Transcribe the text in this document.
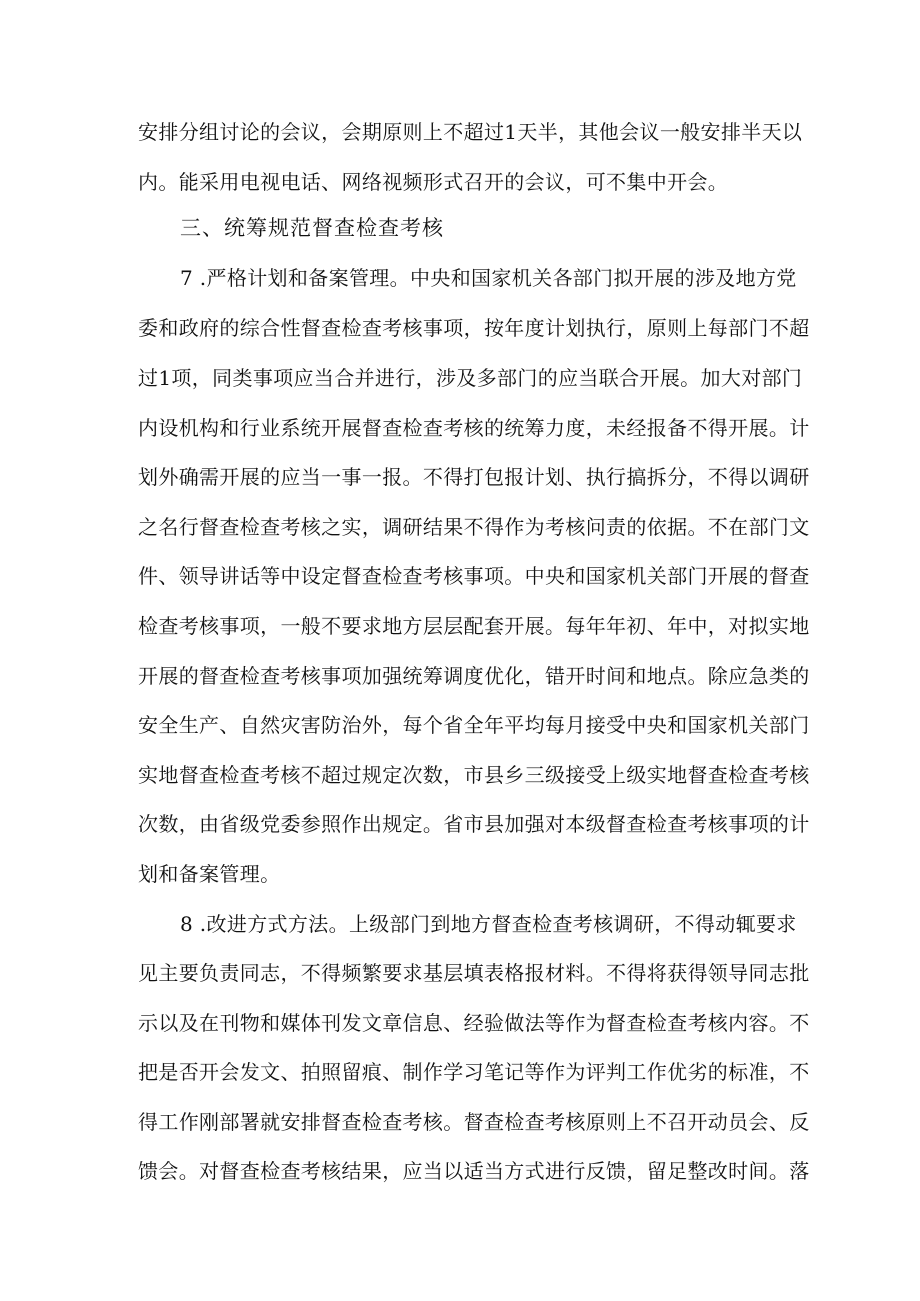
安排分组讨论的会议，会期原则上不超过1天半，其他会议一般安排半天以
内。能采用电视电话、网络视频形式召开的会议，可不集中开会。
三、统筹规范督查检查考核
7 .严格计划和备案管理。中央和国家机关各部门拟开展的涉及地方党
委和政府的综合性督查检查考核事项，按年度计划执行，原则上每部门不超
过1项，同类事项应当合并进行，涉及多部门的应当联合开展。加大对部门
内设机构和行业系统开展督查检查考核的统筹力度，未经报备不得开展。计
划外确需开展的应当一事一报。不得打包报计划、执行搞拆分，不得以调研
之名行督查检查考核之实，调研结果不得作为考核问责的依据。不在部门文
件、领导讲话等中设定督查检查考核事项。中央和国家机关部门开展的督查
检查考核事项，一般不要求地方层层配套开展。每年年初、年中，对拟实地
开展的督查检查考核事项加强统筹调度优化，错开时间和地点。除应急类的
安全生产、自然灾害防治外，每个省全年平均每月接受中央和国家机关部门
实地督查检查考核不超过规定次数，市县乡三级接受上级实地督查检查考核
次数，由省级党委参照作出规定。省市县加强对本级督查检查考核事项的计
划和备案管理。
8 .改进方式方法。上级部门到地方督查检查考核调研，不得动辄要求
见主要负责同志，不得频繁要求基层填表格报材料。不得将获得领导同志批
示以及在刊物和媒体刊发文章信息、经验做法等作为督查检查考核内容。不
把是否开会发文、拍照留痕、制作学习笔记等作为评判工作优劣的标准，不
得工作刚部署就安排督查检查考核。督查检查考核原则上不召开动员会、反
馈会。对督查检查考核结果，应当以适当方式进行反馈，留足整改时间。落
